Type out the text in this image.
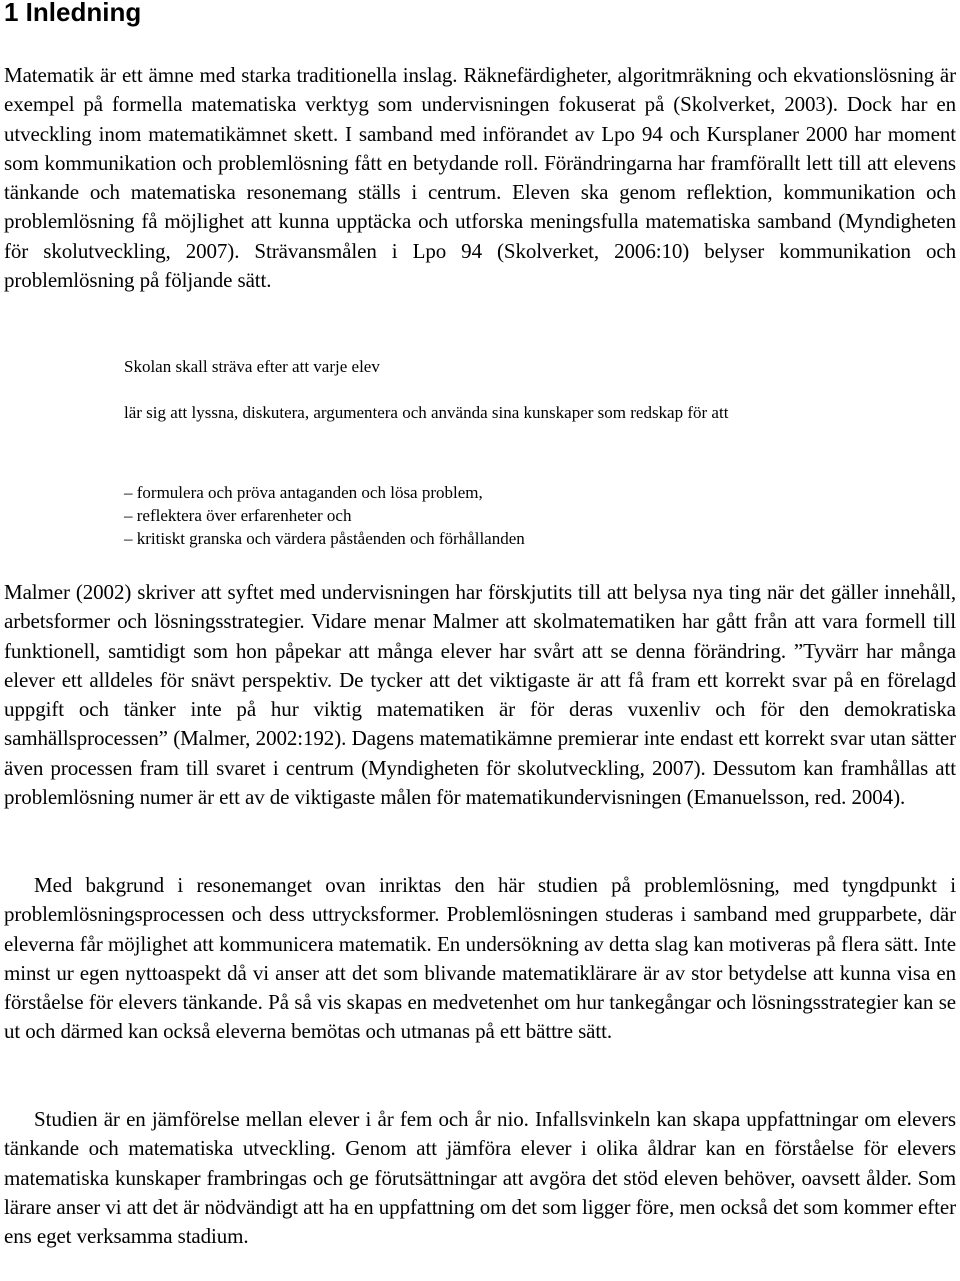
1 Inledning

Matematik är ett ämne med starka traditionella inslag. Räknefärdigheter, algoritmräkning och ekvationslösning är exempel på formella matematiska verktyg som undervisningen fokuserat på (Skolverket, 2003). Dock har en utveckling inom matematikämnet skett. I samband med införandet av Lpo 94 och Kursplaner 2000 har moment som kommunikation och problemlösning fått en betydande roll. Förändringarna har framförallt lett till att elevens tänkande och matematiska resonemang ställs i centrum. Eleven ska genom reflektion, kommunikation och problemlösning få möjlighet att kunna upptäcka och utforska meningsfulla matematiska samband (Myndigheten för skolutveckling, 2007). Strävansmålen i Lpo 94 (Skolverket, 2006:10) belyser kommunikation och problemlösning på följande sätt.

Skolan skall sträva efter att varje elev

lär sig att lyssna, diskutera, argumentera och använda sina kunskaper som redskap för att

– formulera och pröva antaganden och lösa problem,
– reflektera över erfarenheter och
– kritiskt granska och värdera påståenden och förhållanden

Malmer (2002) skriver att syftet med undervisningen har förskjutits till att belysa nya ting när det gäller innehåll, arbetsformer och lösningsstrategier. Vidare menar Malmer att skolmatematiken har gått från att vara formell till funktionell, samtidigt som hon påpekar att många elever har svårt att se denna förändring. ”Tyvärr har många elever ett alldeles för snävt perspektiv. De tycker att det viktigaste är att få fram ett korrekt svar på en förelagd uppgift och tänker inte på hur viktig matematiken är för deras vuxenliv och för den demokratiska samhällsprocessen” (Malmer, 2002:192). Dagens matematikämne premierar inte endast ett korrekt svar utan sätter även processen fram till svaret i centrum (Myndigheten för skolutveckling, 2007). Dessutom kan framhållas att problemlösning numer är ett av de viktigaste målen för matematikundervisningen (Emanuelsson, red. 2004).

Med bakgrund i resonemanget ovan inriktas den här studien på problemlösning, med tyngdpunkt i problemlösningsprocessen och dess uttrycksformer. Problemlösningen studeras i samband med grupparbete, där eleverna får möjlighet att kommunicera matematik. En undersökning av detta slag kan motiveras på flera sätt. Inte minst ur egen nyttoaspekt då vi anser att det som blivande matematiklärare är av stor betydelse att kunna visa en förståelse för elevers tänkande. På så vis skapas en medvetenhet om hur tankegångar och lösningsstrategier kan se ut och därmed kan också eleverna bemötas och utmanas på ett bättre sätt.

Studien är en jämförelse mellan elever i år fem och år nio. Infallsvinkeln kan skapa uppfattningar om elevers tänkande och matematiska utveckling. Genom att jämföra elever i olika åldrar kan en förståelse för elevers matematiska kunskaper frambringas och ge förutsättningar att avgöra det stöd eleven behöver, oavsett ålder. Som lärare anser vi att det är nödvändigt att ha en uppfattning om det som ligger före, men också det som kommer efter ens eget verksamma stadium.
